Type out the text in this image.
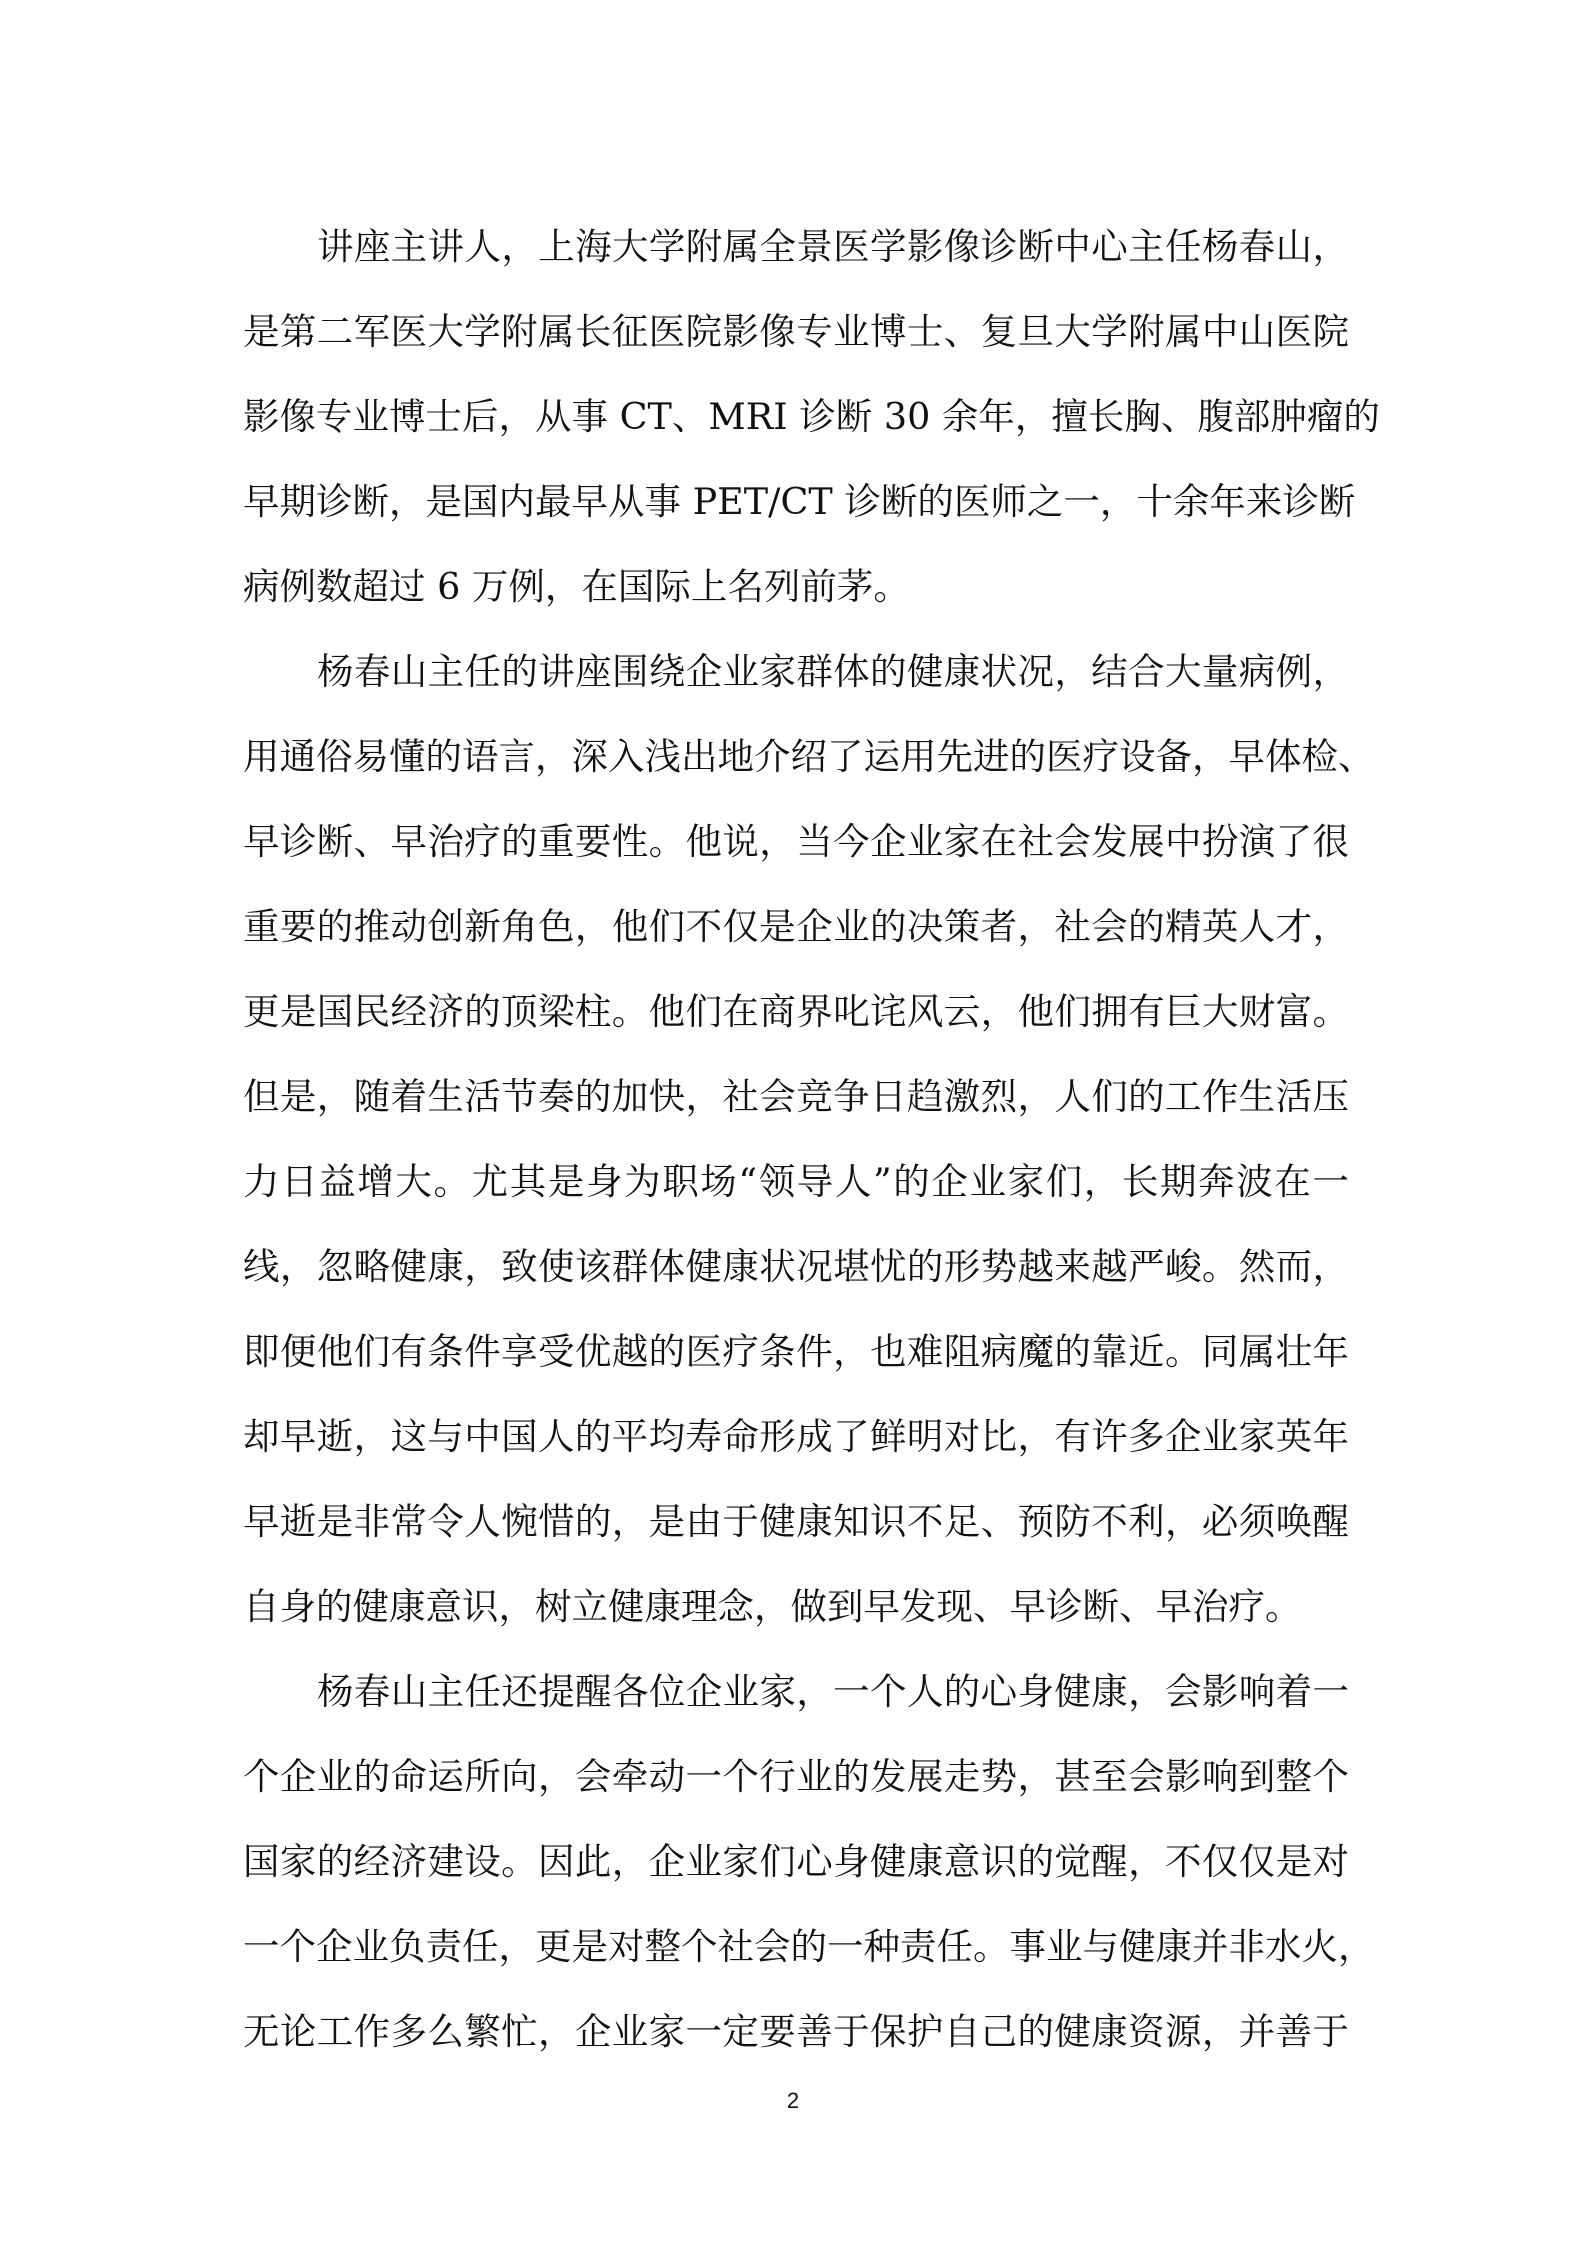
讲座主讲人，上海大学附属全景医学影像诊断中心主任杨春山，

是第二军医大学附属长征医院影像专业博士、复旦大学附属中山医院

影像专业博士后，从事 CT、MRI 诊断 30 余年，擅长胸、腹部肿瘤的

早期诊断，是国内最早从事 PET/CT 诊断的医师之一，十余年来诊断

病例数超过 6 万例，在国际上名列前茅。

杨春山主任的讲座围绕企业家群体的健康状况，结合大量病例，

用通俗易懂的语言，深入浅出地介绍了运用先进的医疗设备，早体检、

早诊断、早治疗的重要性。他说，当今企业家在社会发展中扮演了很

重要的推动创新角色，他们不仅是企业的决策者，社会的精英人才，

更是国民经济的顶梁柱。他们在商界叱诧风云，他们拥有巨大财富。

但是，随着生活节奏的加快，社会竞争日趋激烈，人们的工作生活压

力日益增大。尤其是身为职场“领导人”的企业家们，长期奔波在一

线，忽略健康，致使该群体健康状况堪忧的形势越来越严峻。然而，

即便他们有条件享受优越的医疗条件，也难阻病魔的靠近。同属壮年

却早逝，这与中国人的平均寿命形成了鲜明对比，有许多企业家英年

早逝是非常令人惋惜的，是由于健康知识不足、预防不利，必须唤醒

自身的健康意识，树立健康理念，做到早发现、早诊断、早治疗。

杨春山主任还提醒各位企业家，一个人的心身健康，会影响着一

个企业的命运所向，会牵动一个行业的发展走势，甚至会影响到整个

国家的经济建设。因此，企业家们心身健康意识的觉醒，不仅仅是对

一个企业负责任，更是对整个社会的一种责任。事业与健康并非水火，

无论工作多么繁忙，企业家一定要善于保护自己的健康资源，并善于

2
